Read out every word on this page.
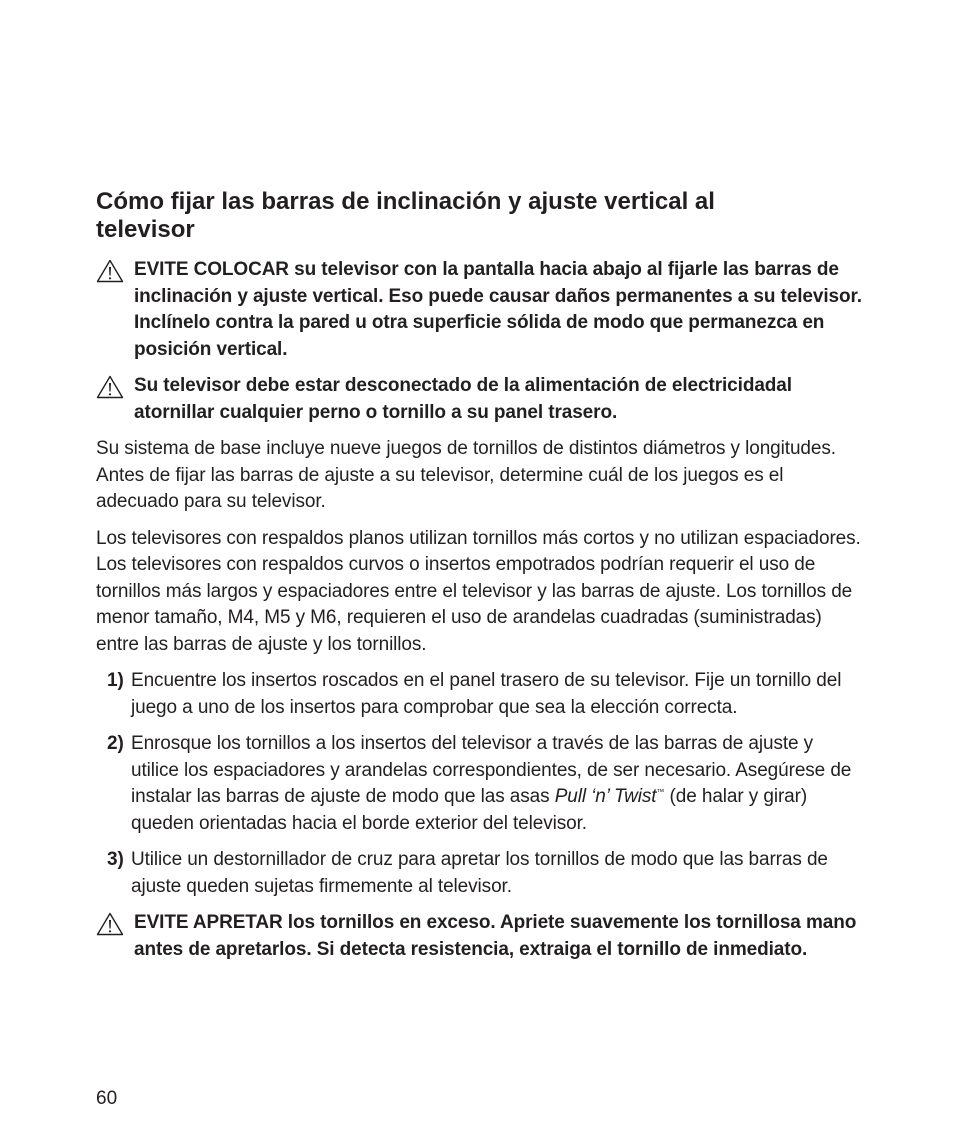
Cómo fijar las barras de inclinación y ajuste vertical al televisor
EVITE COLOCAR su televisor con la pantalla hacia abajo al fijarle las barras de inclinación y ajuste vertical. Eso puede causar daños permanentes a su televisor. Inclínelo contra la pared u otra superficie sólida de modo que permanezca en posición vertical.
Su televisor debe estar desconectado de la alimentación de electricidadal atornillar cualquier perno o tornillo a su panel trasero.

Su sistema de base incluye nueve juegos de tornillos de distintos diámetros y longitudes. Antes de fijar las barras de ajuste a su televisor, determine cuál de los juegos es el adecuado para su televisor.

Los televisores con respaldos planos utilizan tornillos más cortos y no utilizan espaciadores. Los televisores con respaldos curvos o insertos empotrados podrían requerir el uso de tornillos más largos y espaciadores entre el televisor y las barras de ajuste. Los tornillos de menor tamaño, M4, M5 y M6, requieren el uso de arandelas cuadradas (suministradas) entre las barras de ajuste y los tornillos.

1) Encuentre los insertos roscados en el panel trasero de su televisor. Fije un tornillo del juego a uno de los insertos para comprobar que sea la elección correcta.
2) Enrosque los tornillos a los insertos del televisor a través de las barras de ajuste y utilice los espaciadores y arandelas correspondientes, de ser necesario. Asegúrese de instalar las barras de ajuste de modo que las asas Pull ‘n’ Twist™ (de halar y girar) queden orientadas hacia el borde exterior del televisor.
3) Utilice un destornillador de cruz para apretar los tornillos de modo que las barras de ajuste queden sujetas firmemente al televisor.
EVITE APRETAR los tornillos en exceso. Apriete suavemente los tornillosa mano antes de apretarlos. Si detecta resistencia, extraiga el tornillo de inmediato.
60
